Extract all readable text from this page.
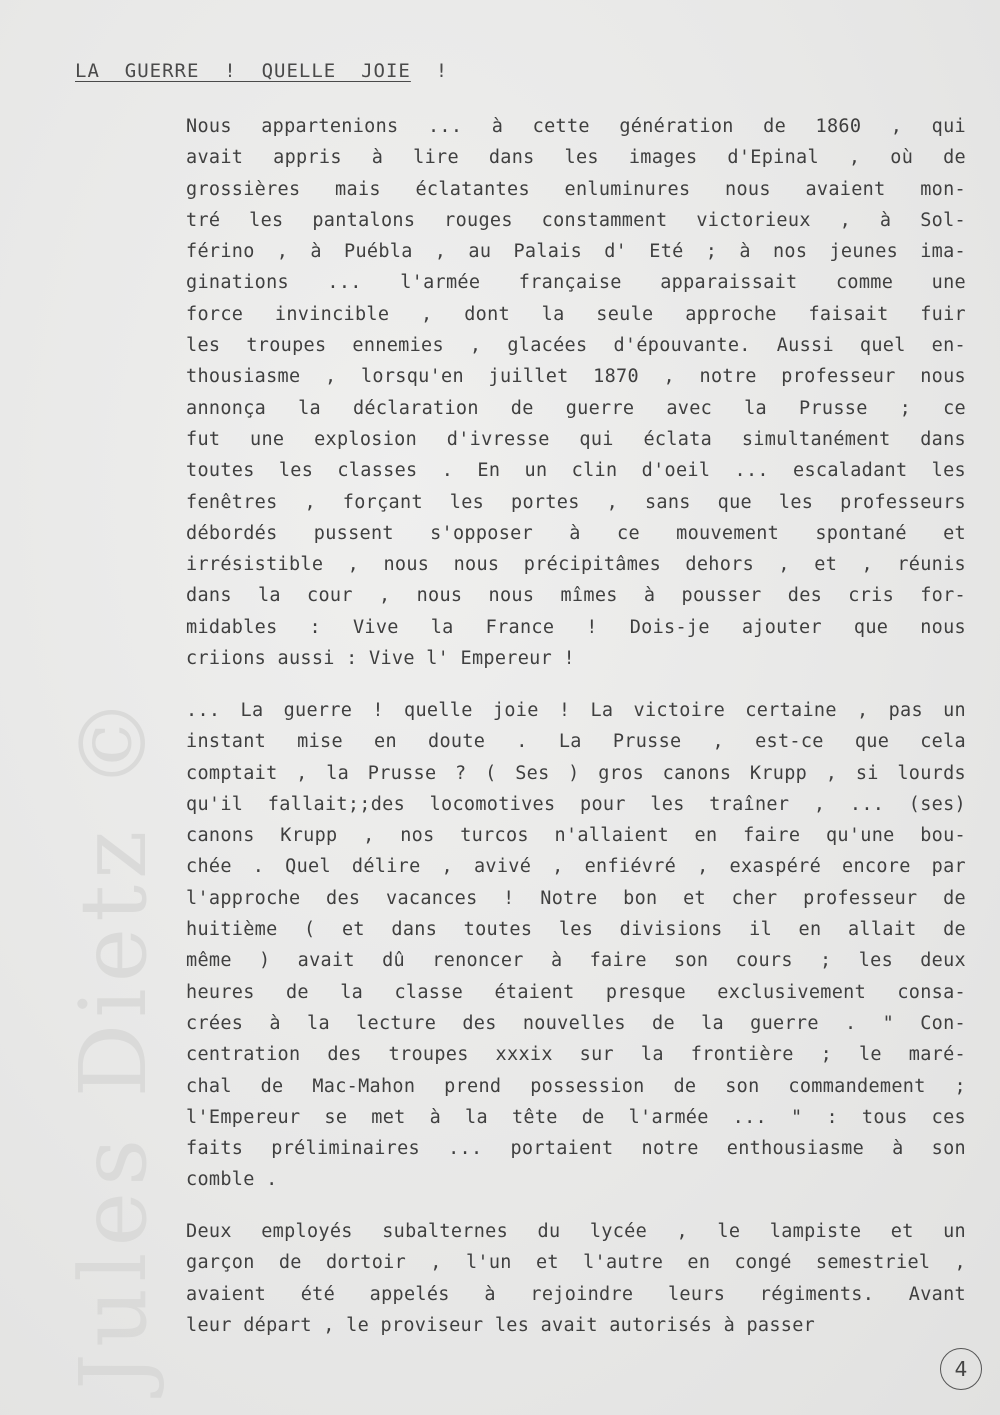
Jules Dietz ©
LA  GUERRE  !  QUELLE  JOIE  !
Nous appartenions ... à cette génération de 1860 , qui
avait appris à lire dans les images d'Epinal , où de
grossières mais éclatantes enluminures nous avaient mon-
tré les pantalons rouges constamment victorieux , à Sol-
férino , à Puébla , au Palais d' Eté ; à nos jeunes ima-
ginations ... l'armée française apparaissait comme une
force invincible , dont la seule approche faisait fuir
les troupes ennemies , glacées d'épouvante. Aussi quel en-
thousiasme , lorsqu'en juillet 1870 , notre professeur nous
annonça la déclaration de guerre avec la Prusse ; ce
fut une explosion d'ivresse qui éclata simultanément dans
toutes les classes . En un clin d'oeil ... escaladant les
fenêtres , forçant les portes , sans que les professeurs
débordés pussent s'opposer à ce mouvement spontané et
irrésistible , nous nous précipitâmes dehors , et , réunis
dans la cour , nous nous mîmes à pousser des cris for-
midables : Vive la France ! Dois-je ajouter que nous
criions aussi : Vive l' Empereur !
... La guerre ! quelle joie ! La victoire certaine , pas un
instant mise en doute . La Prusse , est-ce que cela
comptait , la Prusse ? ( Ses ) gros canons Krupp , si lourds
qu'il fallait;;des locomotives pour les traîner , ... (ses)
canons Krupp , nos turcos n'allaient en faire qu'une bou-
chée . Quel délire , avivé , enfiévré , exaspéré encore par
l'approche des vacances ! Notre bon et cher professeur de
huitième ( et dans toutes les divisions il en allait de
même ) avait dû renoncer à faire son cours ; les deux
heures de la classe étaient presque exclusivement consa-
crées à la lecture des nouvelles de la guerre . " Con-
centration des troupes xxxix sur la frontière ; le maré-
chal de Mac-Mahon prend possession de son commandement ;
l'Empereur se met à la tête de l'armée ... " : tous ces
faits préliminaires ... portaient notre enthousiasme à son
comble .
Deux employés subalternes du lycée , le lampiste et un
garçon de dortoir , l'un et l'autre en congé semestriel ,
avaient été appelés à rejoindre leurs régiments. Avant
leur départ , le proviseur les avait autorisés à passer
4
